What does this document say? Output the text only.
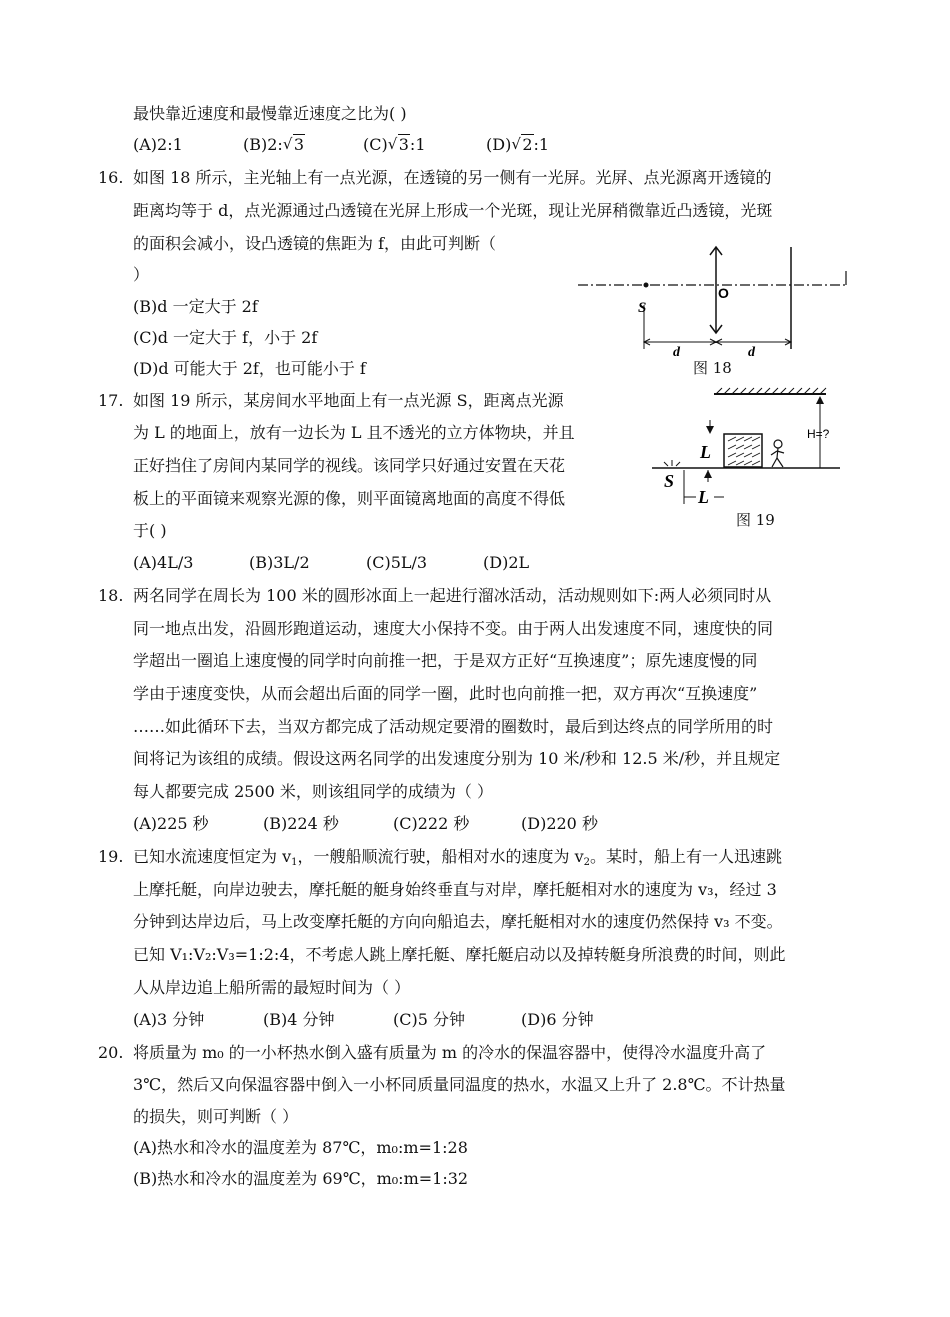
最快靠近速度和最慢靠近速度之比为( )
(A)2:1	(B)2: √ 3	(C) √ 3:1	(D) √ 2:1
16. 如图 18 所示，主光轴上有一点光源，在透镜的另一侧有一光屏。光屏、点光源离开透镜的
距离均等于 d，点光源通过凸透镜在光屏上形成一个光斑，现让光屏稍微靠近凸透镜，光斑
的面积会减小，设凸透镜的焦距为 f，由此可判断（
）
(B)d 一定大于 2f
(C)d 一定大于 f，小于 2f
(D)d 可能大于 2f，也可能小于 f
S
O
d	d
图 18
17. 如图 19 所示，某房间水平地面上有一点光源 S，距离点光源
为 L 的地面上，放有一边长为 L 且不透光的立方体物块，并且
正好挡住了房间内某同学的视线。该同学只好通过安置在天花
板上的平面镜来观察光源的像，则平面镜离地面的高度不得低
于( )
(A)4L/3	(B)3L/2	(C)5L/3	(D)2L
H=?
L
S
L
图 19
18. 两名同学在周长为 100 米的圆形冰面上一起进行溜冰活动，活动规则如下:两人必须同时从
同一地点出发，沿圆形跑道运动，速度大小保持不变。由于两人出发速度不同，速度快的同
学超出一圈追上速度慢的同学时向前推一把，于是双方正好“互换速度”；原先速度慢的同
学由于速度变快，从而会超出后面的同学一圈，此时也向前推一把，双方再次“互换速度”
……如此循环下去，当双方都完成了活动规定要滑的圈数时，最后到达终点的同学所用的时
间将记为该组的成绩。假设这两名同学的出发速度分别为 10 米/秒和 12.5 米/秒，并且规定
每人都要完成 2500 米，则该组同学的成绩为（ ）
(A)225 秒	(B)224 秒	(C)222 秒	(D)220 秒
19. 已知水流速度恒定为 $v_1$，一艘船顺流行驶，船相对水的速度为 $v_2$。某时，船上有一人迅速跳
上摩托艇，向岸边驶去，摩托艇的艇身始终垂直与对岸，摩托艇相对水的速度为 v₃，经过 3
分钟到达岸边后，马上改变摩托艇的方向向船追去，摩托艇相对水的速度仍然保持 v₃ 不变。
已知 V₁:V₂:V₃=1:2:4，不考虑人跳上摩托艇、摩托艇启动以及掉转艇身所浪费的时间，则此
人从岸边追上船所需的最短时间为（ ）
(A)3 分钟	(B)4 分钟	(C)5 分钟	(D)6 分钟
20. 将质量为 m₀ 的一小杯热水倒入盛有质量为 m 的冷水的保温容器中，使得冷水温度升高了
3℃，然后又向保温容器中倒入一小杯同质量同温度的热水，水温又上升了 2.8℃。不计热量
的损失，则可判断（ ）
(A)热水和冷水的温度差为 87℃，m₀:m=1:28
(B)热水和冷水的温度差为 69℃，m₀:m=1:32
